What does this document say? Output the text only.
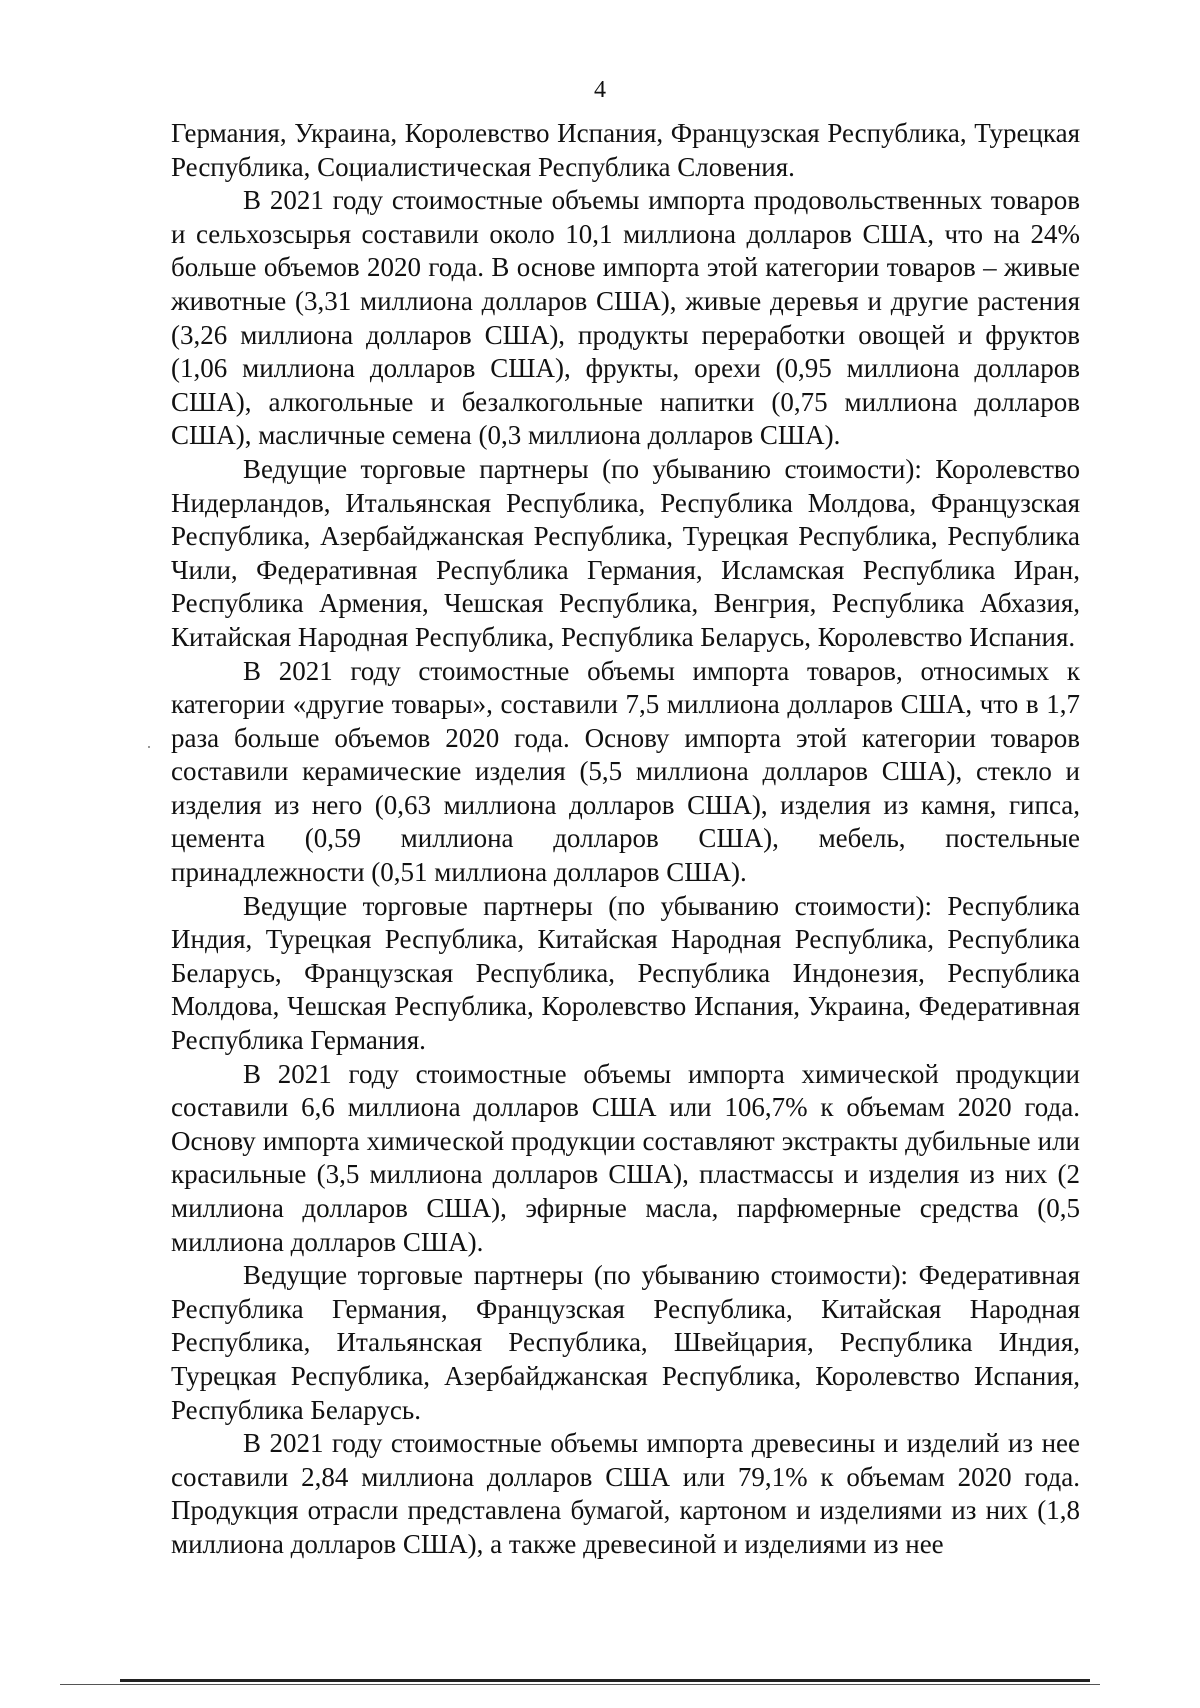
4

Германия, Украина, Королевство Испания, Французская Республика, Турецкая Республика, Социалистическая Республика Словения.

В 2021 году стоимостные объемы импорта продовольственных товаров и сельхозсырья составили около 10,1 миллиона долларов США, что на 24% больше объемов 2020 года. В основе импорта этой категории товаров – живые животные (3,31 миллиона долларов США), живые деревья и другие растения (3,26 миллиона долларов США), продукты переработки овощей и фруктов (1,06 миллиона долларов США), фрукты, орехи (0,95 миллиона долларов США), алкогольные и безалкогольные напитки (0,75 миллиона долларов США), масличные семена (0,3 миллиона долларов США).

Ведущие торговые партнеры (по убыванию стоимости): Королевство Нидерландов, Итальянская Республика, Республика Молдова, Французская Республика, Азербайджанская Республика, Турецкая Республика, Республика Чили, Федеративная Республика Германия, Исламская Республика Иран, Республика Армения, Чешская Республика, Венгрия, Республика Абхазия, Китайская Народная Республика, Республика Беларусь, Королевство Испания.

В 2021 году стоимостные объемы импорта товаров, относимых к категории «другие товары», составили 7,5 миллиона долларов США, что в 1,7 раза больше объемов 2020 года. Основу импорта этой категории товаров составили керамические изделия (5,5 миллиона долларов США), стекло и изделия из него (0,63 миллиона долларов США), изделия из камня, гипса, цемента (0,59 миллиона долларов США), мебель, постельные принадлежности (0,51 миллиона долларов США).

Ведущие торговые партнеры (по убыванию стоимости): Республика Индия, Турецкая Республика, Китайская Народная Республика, Республика Беларусь, Французская Республика, Республика Индонезия, Республика Молдова, Чешская Республика, Королевство Испания, Украина, Федеративная Республика Германия.

В 2021 году стоимостные объемы импорта химической продукции составили 6,6 миллиона долларов США или 106,7% к объемам 2020 года. Основу импорта химической продукции составляют экстракты дубильные или красильные (3,5 миллиона долларов США), пластмассы и изделия из них (2 миллиона долларов США), эфирные масла, парфюмерные средства (0,5 миллиона долларов США).

Ведущие торговые партнеры (по убыванию стоимости): Федеративная Республика Германия, Французская Республика, Китайская Народная Республика, Итальянская Республика, Швейцария, Республика Индия, Турецкая Республика, Азербайджанская Республика, Королевство Испания, Республика Беларусь.

В 2021 году стоимостные объемы импорта древесины и изделий из нее составили 2,84 миллиона долларов США или 79,1% к объемам 2020 года. Продукция отрасли представлена бумагой, картоном и изделиями из них (1,8 миллиона долларов США), а также древесиной и изделиями из нее
